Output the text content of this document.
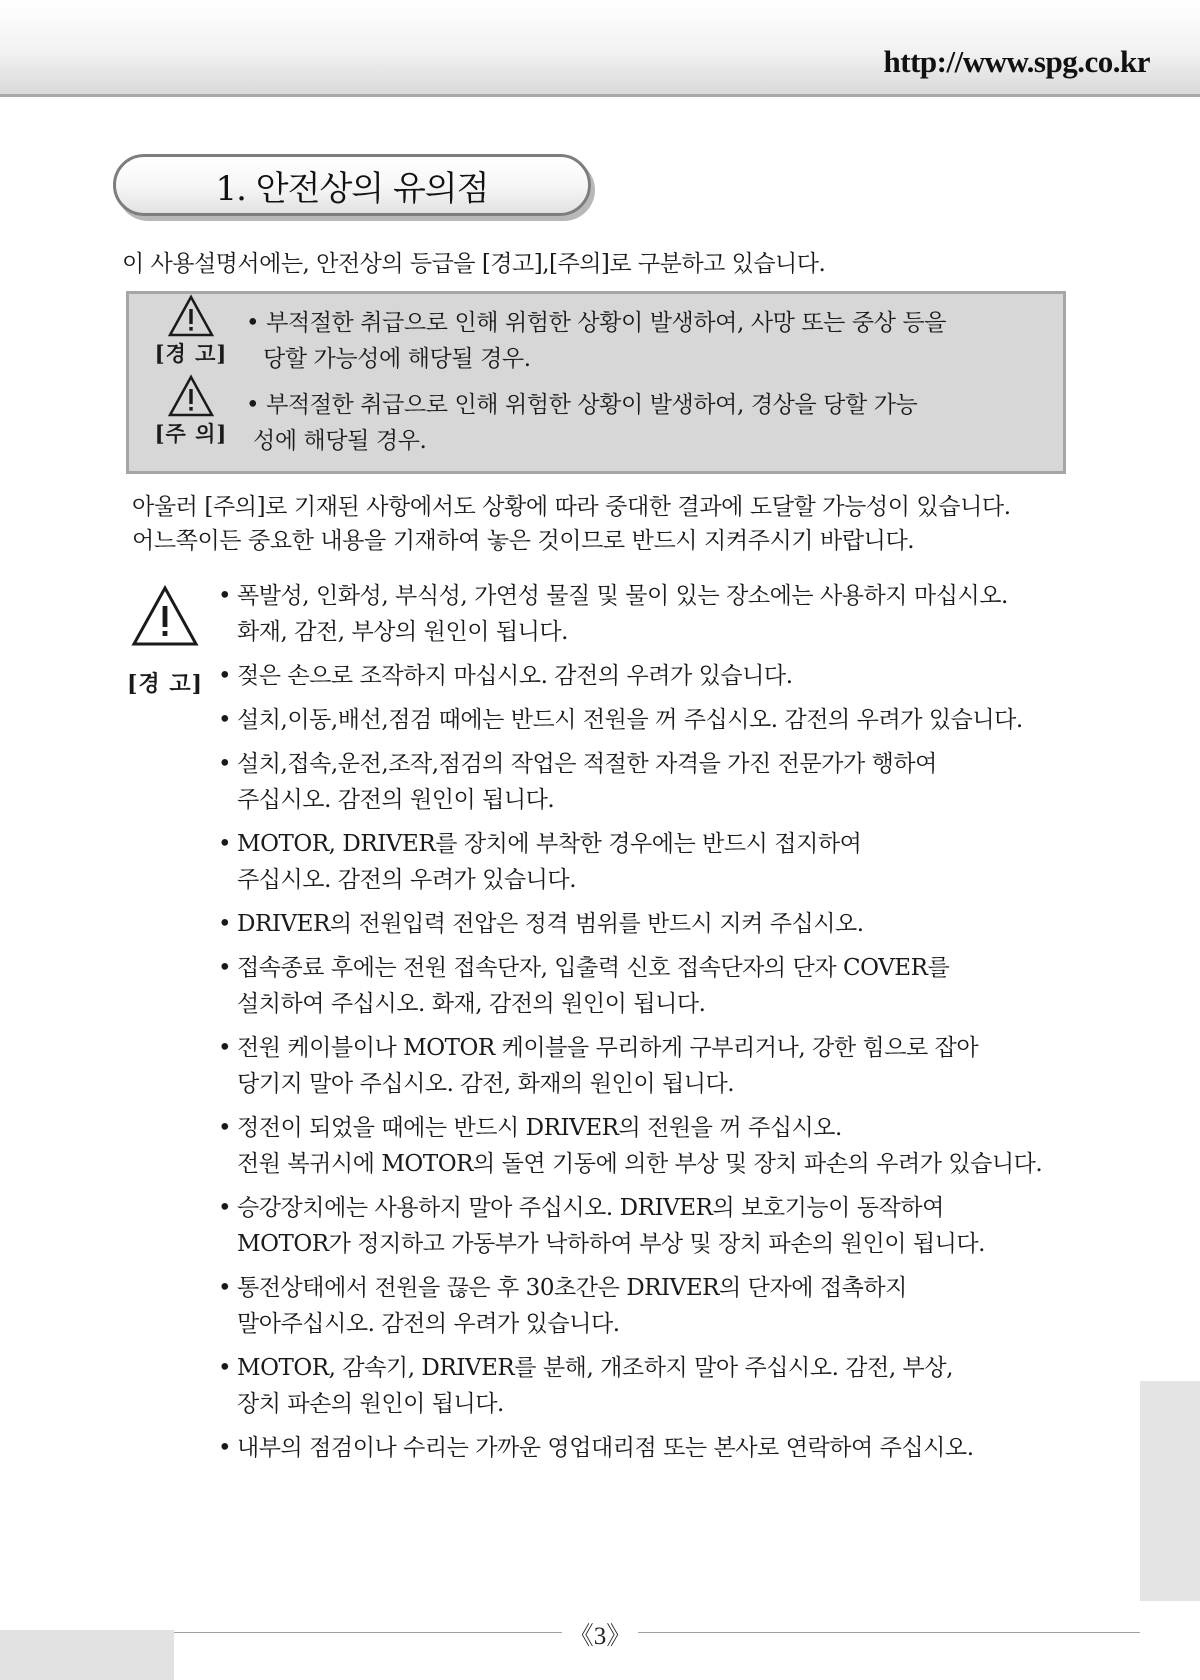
http://www.spg.co.kr
1. 안전상의 유의점
이 사용설명서에는, 안전상의 등급을 [경고],[주의]로 구분하고 있습니다.
[경 고]
[주 의]
• 부적절한 취급으로 인해 위험한 상황이 발생하여, 사망 또는 중상 등을
당할 가능성에 해당될 경우.
• 부적절한 취급으로 인해 위험한 상황이 발생하여, 경상을 당할 가능
성에 해당될 경우.
아울러 [주의]로 기재된 사항에서도 상황에 따라 중대한 결과에 도달할 가능성이 있습니다.
어느쪽이든 중요한 내용을 기재하여 놓은 것이므로 반드시 지켜주시기 바랍니다.
[경 고]
• 폭발성, 인화성, 부식성, 가연성 물질 및 물이 있는 장소에는 사용하지 마십시오.
화재, 감전, 부상의 원인이 됩니다.
• 젖은 손으로 조작하지 마십시오. 감전의 우려가 있습니다.
• 설치,이동,배선,점검 때에는 반드시 전원을 꺼 주십시오. 감전의 우려가 있습니다.
• 설치,접속,운전,조작,점검의 작업은 적절한 자격을 가진 전문가가 행하여
주십시오. 감전의 원인이 됩니다.
• MOTOR, DRIVER를 장치에 부착한 경우에는 반드시 접지하여
주십시오. 감전의 우려가 있습니다.
• DRIVER의 전원입력 전압은 정격 범위를 반드시 지켜 주십시오.
• 접속종료 후에는 전원 접속단자, 입출력 신호 접속단자의 단자 COVER를
설치하여 주십시오. 화재, 감전의 원인이 됩니다.
• 전원 케이블이나 MOTOR 케이블을 무리하게 구부리거나, 강한 힘으로 잡아
당기지 말아 주십시오. 감전, 화재의 원인이 됩니다.
• 정전이 되었을 때에는 반드시 DRIVER의 전원을 꺼 주십시오.
전원 복귀시에 MOTOR의 돌연 기동에 의한 부상 및 장치 파손의 우려가 있습니다.
• 승강장치에는 사용하지 말아 주십시오. DRIVER의 보호기능이 동작하여
MOTOR가 정지하고 가동부가 낙하하여 부상 및 장치 파손의 원인이 됩니다.
• 통전상태에서 전원을 끊은 후 30초간은 DRIVER의 단자에 접촉하지
말아주십시오. 감전의 우려가 있습니다.
• MOTOR, 감속기, DRIVER를 분해, 개조하지 말아 주십시오. 감전, 부상,
장치 파손의 원인이 됩니다.
• 내부의 점검이나 수리는 가까운 영업대리점 또는 본사로 연락하여 주십시오.
《3》
